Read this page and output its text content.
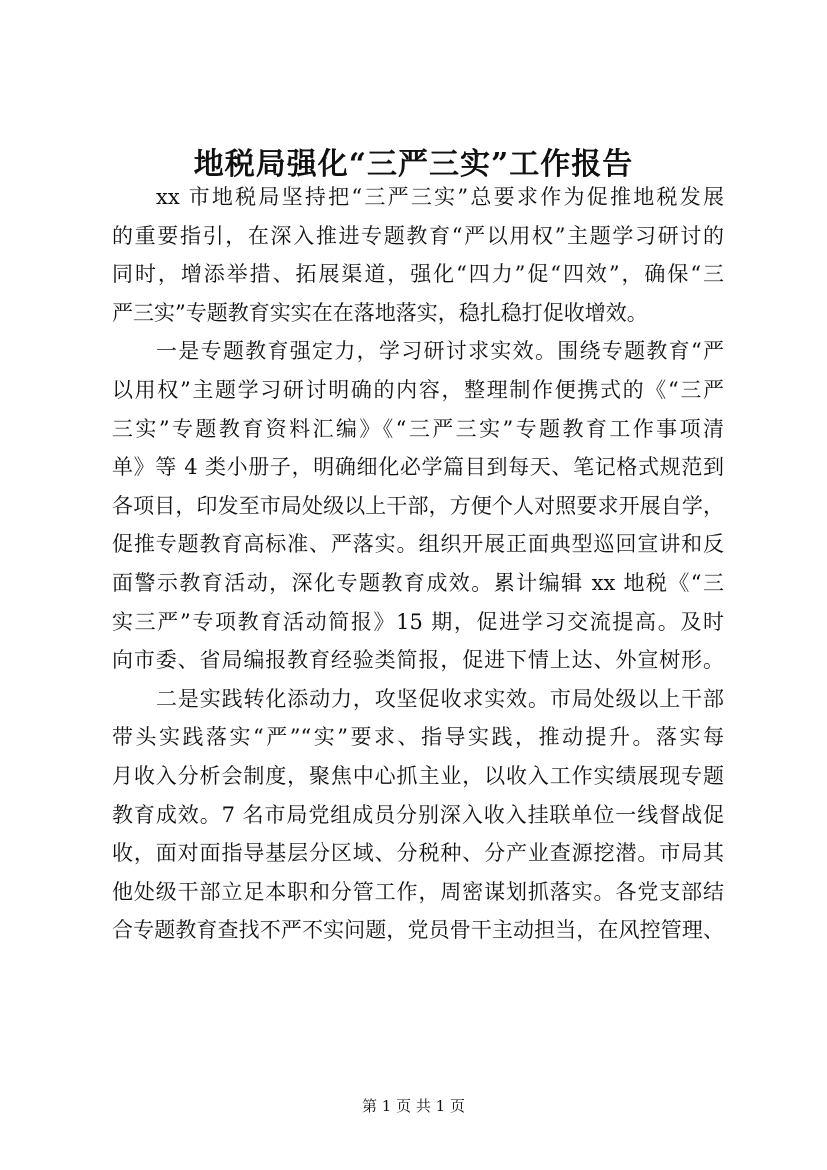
地税局强化“三严三实”工作报告
xx 市地税局坚持把“三严三实”总要求作为促推地税发展
的重要指引，在深入推进专题教育“严以用权”主题学习研讨的
同时，增添举措、拓展渠道，强化“四力”促“四效”，确保“三
严三实”专题教育实实在在落地落实，稳扎稳打促收增效。
一是专题教育强定力，学习研讨求实效。围绕专题教育“严
以用权”主题学习研讨明确的内容，整理制作便携式的《“三严
三实”专题教育资料汇编》《“三严三实”专题教育工作事项清
单》等 4 类小册子，明确细化必学篇目到每天、笔记格式规范到
各项目，印发至市局处级以上干部，方便个人对照要求开展自学，
促推专题教育高标准、严落实。组织开展正面典型巡回宣讲和反
面警示教育活动，深化专题教育成效。累计编辑 xx 地税《“三
实三严”专项教育活动简报》15 期，促进学习交流提高。及时
向市委、省局编报教育经验类简报，促进下情上达、外宣树形。
二是实践转化添动力，攻坚促收求实效。市局处级以上干部
带头实践落实“严”“实”要求、指导实践，推动提升。落实每
月收入分析会制度，聚焦中心抓主业，以收入工作实绩展现专题
教育成效。7 名市局党组成员分别深入收入挂联单位一线督战促
收，面对面指导基层分区域、分税种、分产业查源挖潜。市局其
他处级干部立足本职和分管工作，周密谋划抓落实。各党支部结
合专题教育查找不严不实问题，党员骨干主动担当，在风控管理、
第 1 页 共 1 页
